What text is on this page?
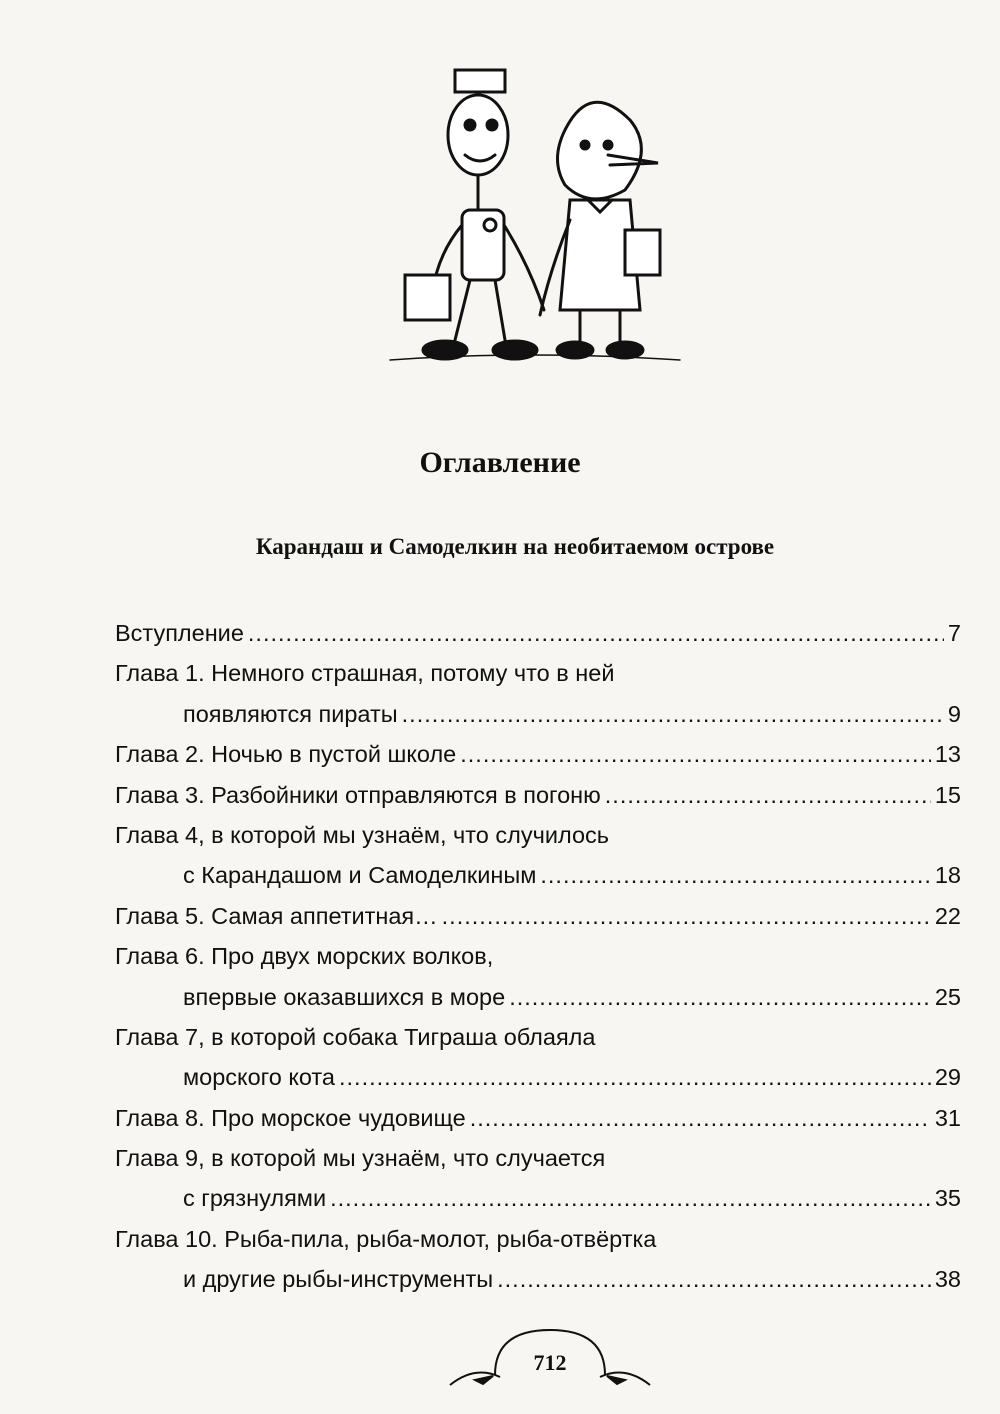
Оглавление
Карандаш и Самоделкин на необитаемом острове
Вступление .....	7
Глава 1. Немного страшная, потому что в ней
появляются пираты .....	9
Глава 2. Ночью в пустой школе .....	13
Глава 3. Разбойники отправляются в погоню .....	15
Глава 4, в которой мы узнаём, что случилось
с Карандашом и Самоделкиным .....	18
Глава 5. Самая аппетитная… .....	22
Глава 6. Про двух морских волков,
впервые оказавшихся в море .....	25
Глава 7, в которой собака Тиграша облаяла
морского кота .....	29
Глава 8. Про морское чудовище .....	31
Глава 9, в которой мы узнаём, что случается
с грязнулями .....	35
Глава 10. Рыба-пила, рыба-молот, рыба-отвёртка
и другие рыбы-инструменты .....	38
712
